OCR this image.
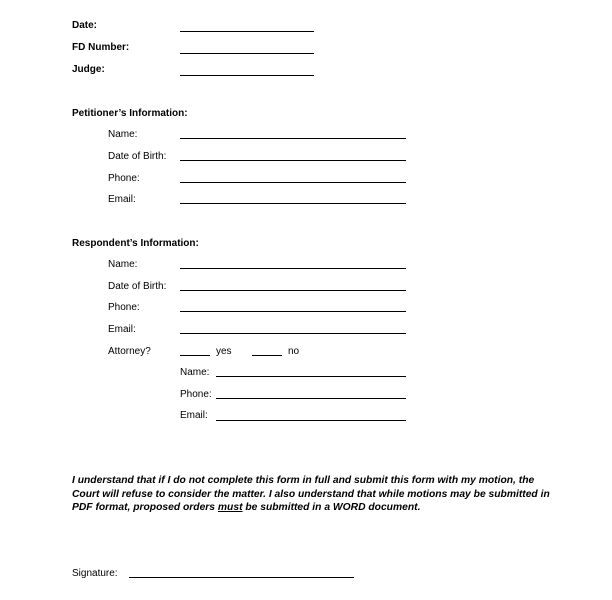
Date:
FD Number:
Judge:
Petitioner’s Information:
Name:
Date of Birth:
Phone:
Email:
Respondent’s Information:
Name:
Date of Birth:
Phone:
Email:
Attorney?	yes	no
Name:
Phone:
Email:
I understand that if I do not complete this form in full and submit this form with my motion, the Court will refuse to consider the matter. I also understand that while motions may be submitted in PDF format, proposed orders must be submitted in a WORD document.
Signature:
